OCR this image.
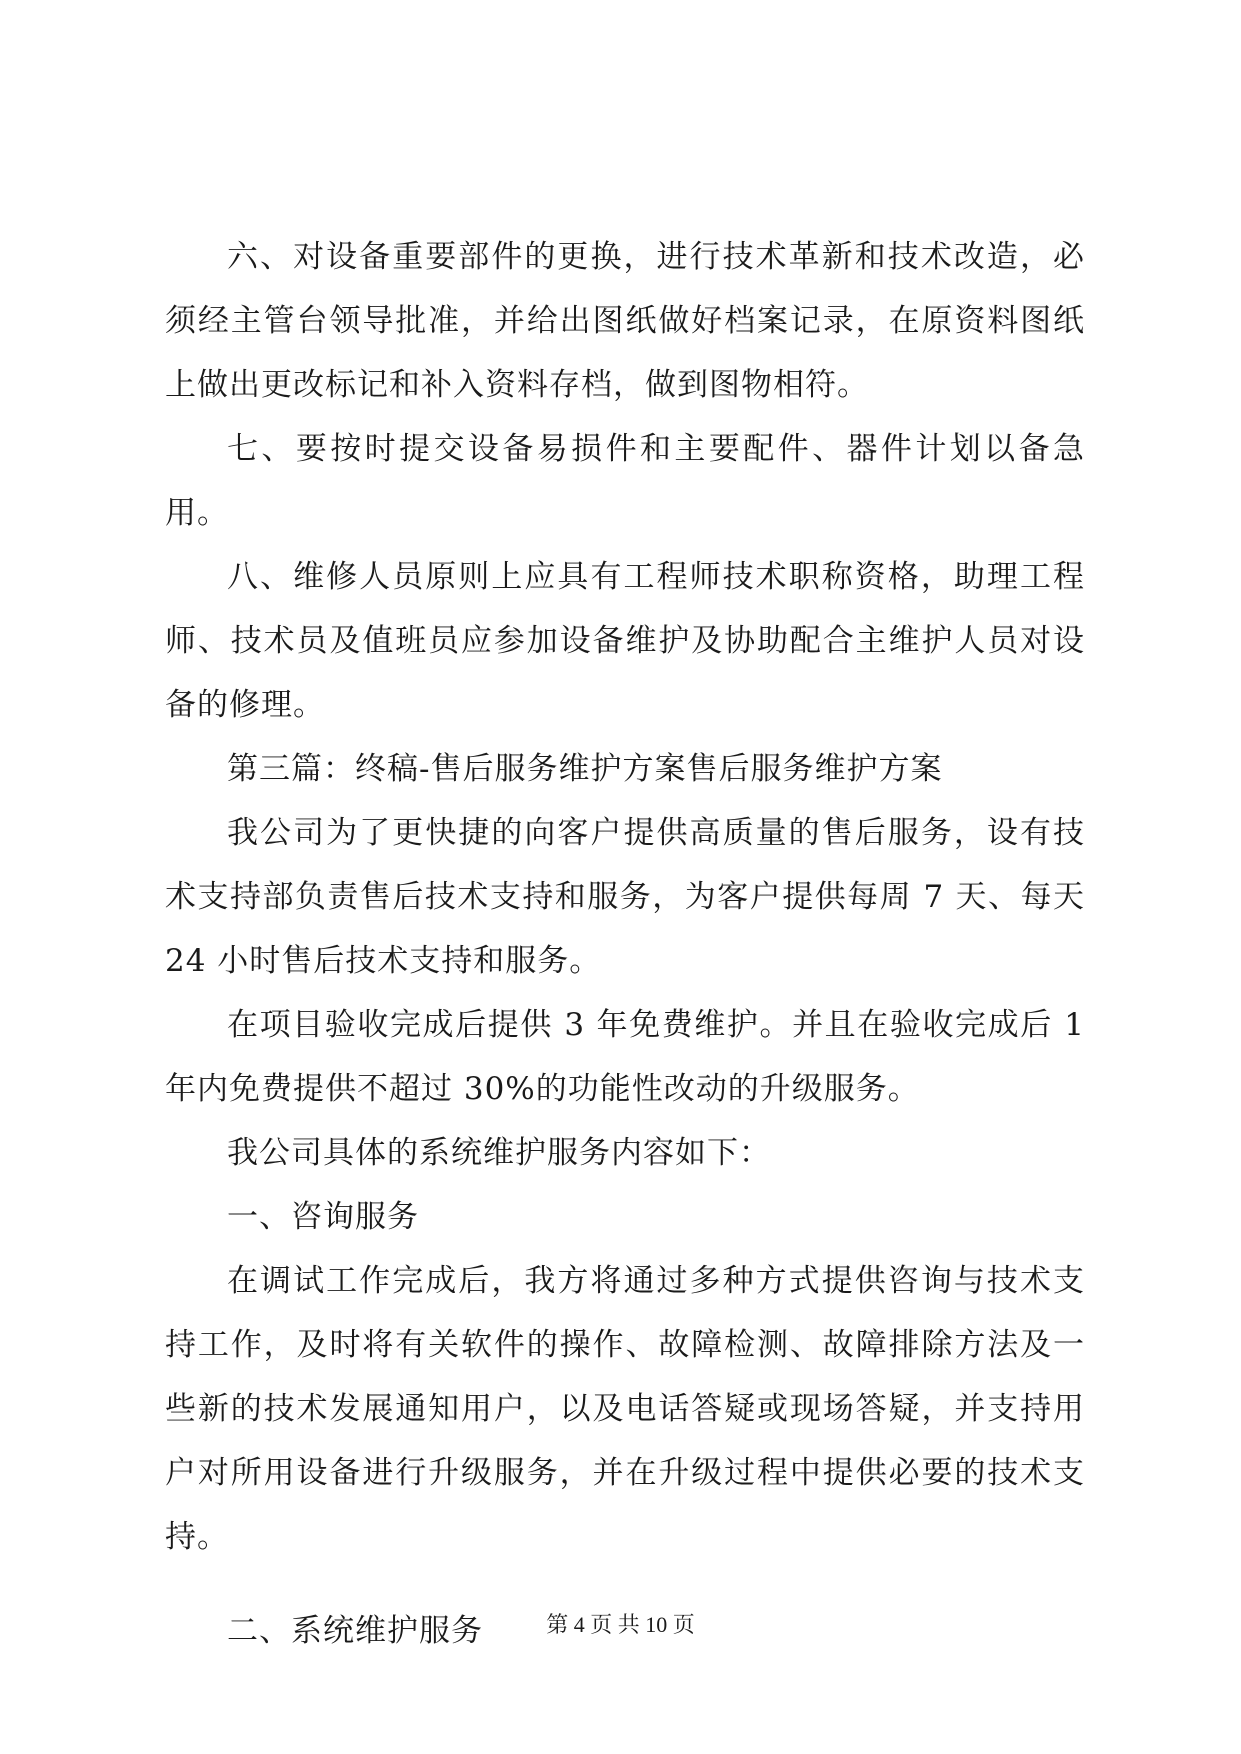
六、对设备重要部件的更换，进行技术革新和技术改造，必须经主管台领导批准，并给出图纸做好档案记录，在原资料图纸上做出更改标记和补入资料存档，做到图物相符。

七、要按时提交设备易损件和主要配件、器件计划以备急用。

八、维修人员原则上应具有工程师技术职称资格，助理工程师、技术员及值班员应参加设备维护及协助配合主维护人员对设备的修理。

第三篇：终稿-售后服务维护方案售后服务维护方案

我公司为了更快捷的向客户提供高质量的售后服务，设有技术支持部负责售后技术支持和服务，为客户提供每周 7 天、每天 24 小时售后技术支持和服务。

在项目验收完成后提供 3 年免费维护。并且在验收完成后 1 年内免费提供不超过 30%的功能性改动的升级服务。

我公司具体的系统维护服务内容如下：

一、咨询服务

在调试工作完成后，我方将通过多种方式提供咨询与技术支持工作，及时将有关软件的操作、故障检测、故障排除方法及一些新的技术发展通知用户，以及电话答疑或现场答疑，并支持用户对所用设备进行升级服务，并在升级过程中提供必要的技术支持。

二、系统维护服务	第 4 页 共 10 页
